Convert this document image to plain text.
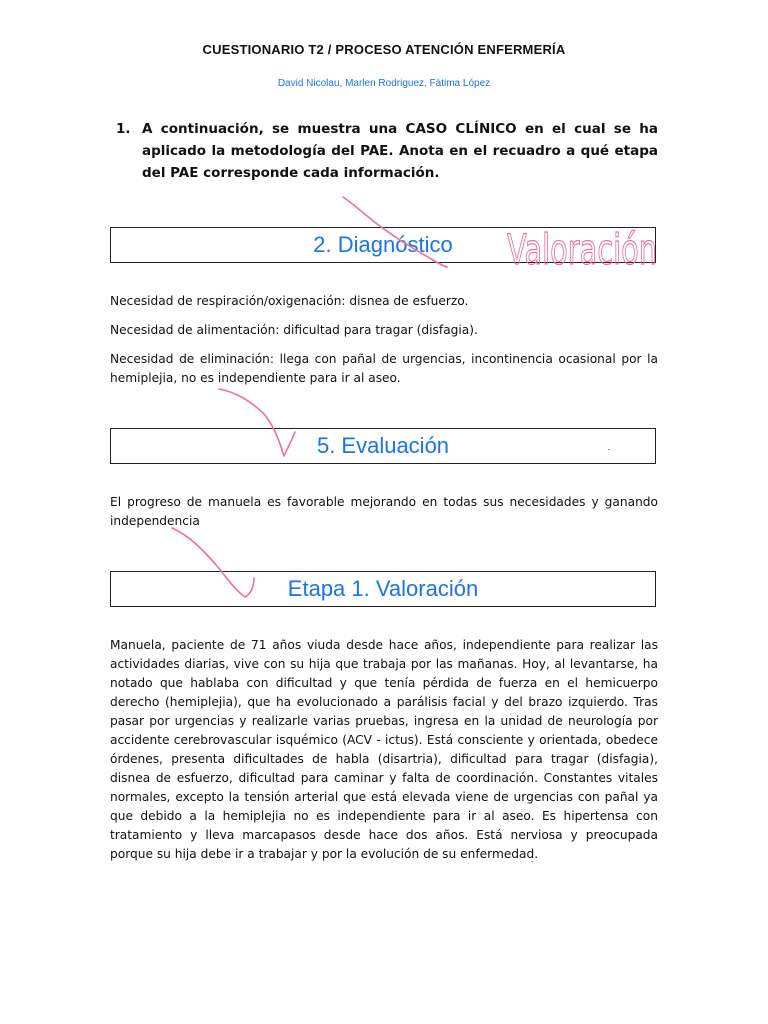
CUESTIONARIO T2 / PROCESO ATENCIÓN ENFERMERÍA
David Nicolau, Marlen Rodriguez, Fàtima López
1. A continuación, se muestra una CASO CLÍNICO en el cual se ha aplicado la metodología del PAE. Anota en el recuadro a qué etapa del PAE corresponde cada información.
2. Diagnóstico
Necesidad de respiración/oxigenación: disnea de esfuerzo.
Necesidad de alimentación: dificultad para tragar (disfagia).
Necesidad de eliminación: llega con pañal de urgencias, incontinencia ocasional por la hemiplejia, no es independiente para ir al aseo.
5. Evaluación
El progreso de manuela es favorable mejorando en todas sus necesidades y ganando independencia
Etapa 1. Valoración
Manuela, paciente de 71 años viuda desde hace años, independiente para realizar las actividades diarias, vive con su hija que trabaja por las mañanas. Hoy, al levantarse, ha notado que hablaba con dificultad y que tenía pérdida de fuerza en el hemicuerpo derecho (hemiplejia), que ha evolucionado a parálisis facial y del brazo izquierdo. Tras pasar por urgencias y realizarle varias pruebas, ingresa en la unidad de neurología por accidente cerebrovascular isquémico (ACV - ictus). Está consciente y orientada, obedece órdenes, presenta dificultades de habla (disartria), dificultad para tragar (disfagia), disnea de esfuerzo, dificultad para caminar y falta de coordinación. Constantes vitales normales, excepto la tensión arterial que está elevada viene de urgencias con pañal ya que debido a la hemiplejia no es independiente para ir al aseo. Es hipertensa con tratamiento y lleva marcapasos desde hace dos años. Está nerviosa y preocupada porque su hija debe ir a trabajar y por la evolución de su enfermedad.
Valoración
